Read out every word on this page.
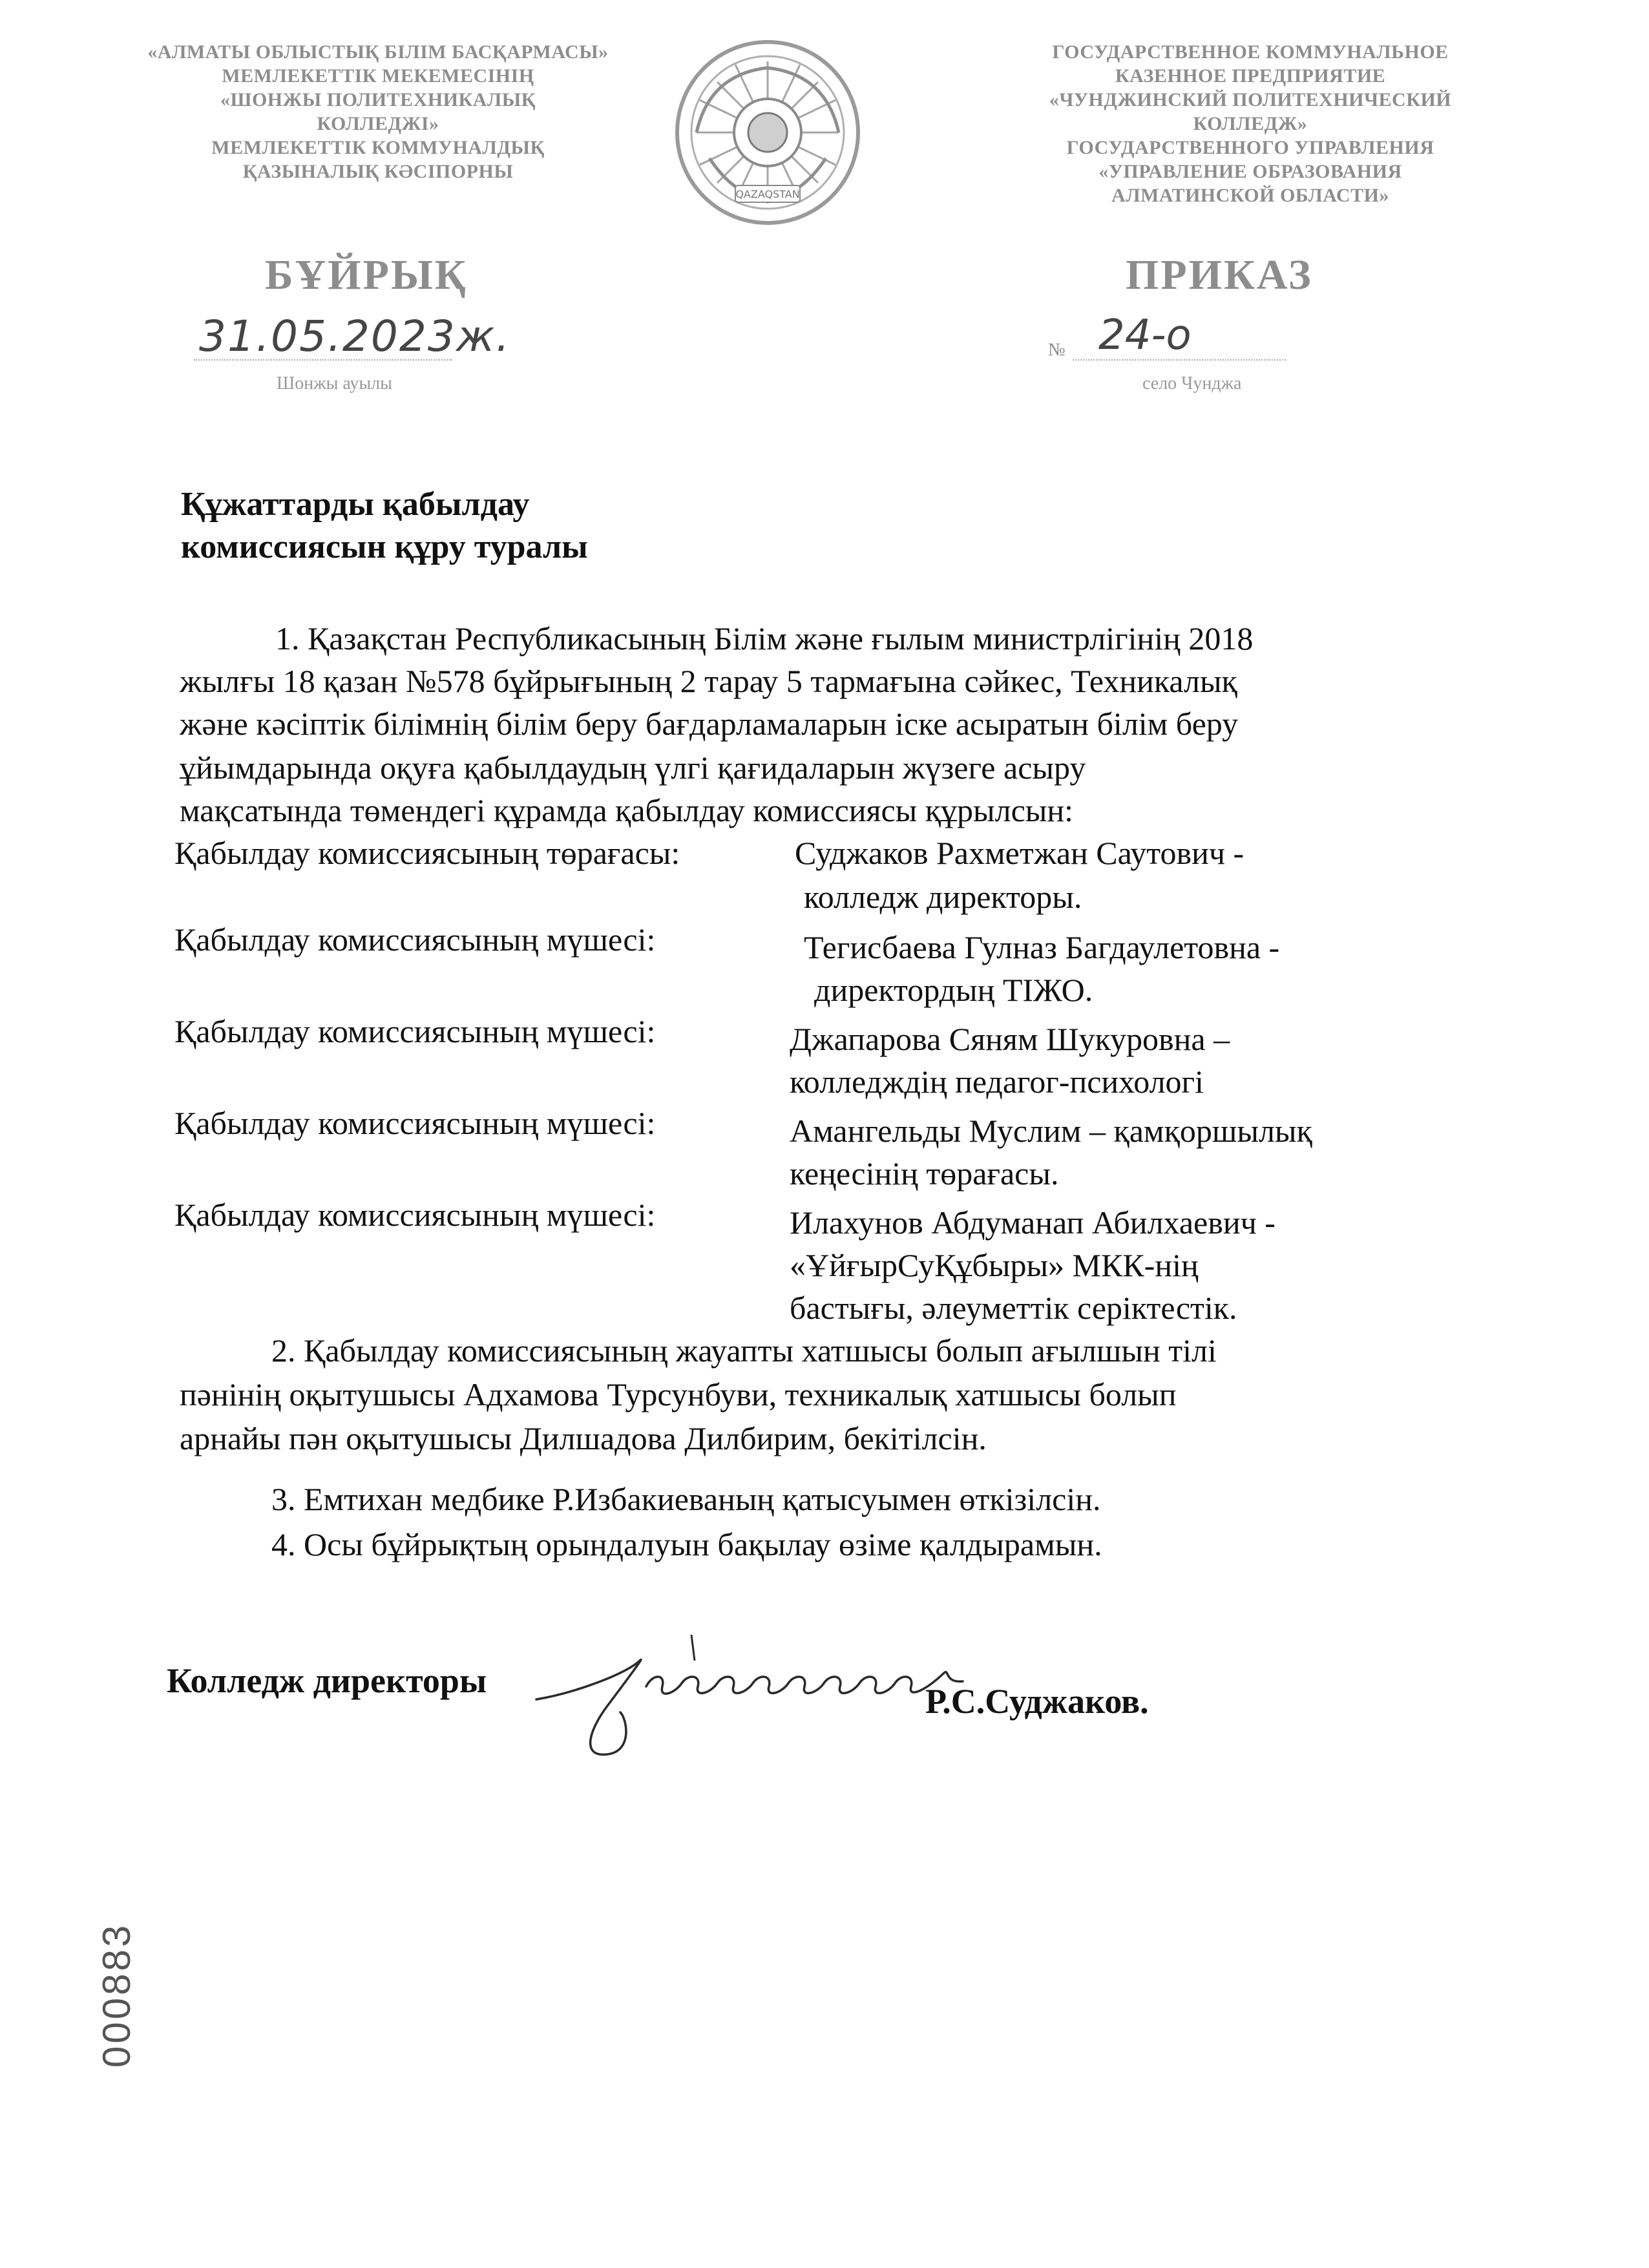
«АЛМАТЫ ОБЛЫСТЫҚ БІЛІМ БАСҚАРМАСЫ»
МЕМЛЕКЕТТІК МЕКЕМЕСІНІҢ
«ШОНЖЫ ПОЛИТЕХНИКАЛЫҚ
КОЛЛЕДЖІ»
МЕМЛЕКЕТТІК КОММУНАЛДЫҚ
ҚАЗЫНАЛЫҚ КӘСІПОРНЫ
QAZAQSTAN
ГОСУДАРСТВЕННОЕ КОММУНАЛЬНОЕ
КАЗЕННОЕ ПРЕДПРИЯТИЕ
«ЧУНДЖИНСКИЙ ПОЛИТЕХНИЧЕСКИЙ
КОЛЛЕДЖ»
ГОСУДАРСТВЕННОГО УПРАВЛЕНИЯ
«УПРАВЛЕНИЕ ОБРАЗОВАНИЯ
АЛМАТИНСКОЙ ОБЛАСТИ»
БҰЙРЫҚ	ПРИКАЗ
31.05.2023ж.	№ 24-o
Шонжы ауылы	село Чунджа
Құжаттарды қабылдау
комиссиясын құру туралы
1. Қазақстан Республикасының Білім және ғылым министрлігінің 2018
жылғы 18 қазан №578 бұйрығының 2 тарау 5 тармағына сәйкес, Техникалық
және кәсіптік білімнің білім беру бағдарламаларын іске асыратын білім беру
ұйымдарында оқуға қабылдаудың үлгі қағидаларын жүзеге асыру
мақсатында төмендегі құрамда қабылдау комиссиясы құрылсын:
Қабылдау комиссиясының төрағасы:	Суджаков Рахметжан Саутович -
колледж директоры.
Қабылдау комиссиясының мүшесі:	Тегисбаева Гулназ Багдаулетовна -
директордың ТІЖО.
Қабылдау комиссиясының мүшесі:	Джапарова Сяням Шукуровна –
колледждің педагог-психологі
Қабылдау комиссиясының мүшесі:	Амангельды Муслим – қамқоршылық
кеңесінің төрағасы.
Қабылдау комиссиясының мүшесі:	Илахунов Абдуманап Абилхаевич -
«ҰйғырСуҚұбыры» МКК-нің
бастығы, әлеуметтік серіктестік.
2. Қабылдау комиссиясының жауапты хатшысы болып ағылшын тілі
пәнінің оқытушысы Адхамова Турсунбуви, техникалық хатшысы болып
арнайы пән оқытушысы Дилшадова Дилбирим, бекітілсін.
3. Емтихан медбике Р.Избакиеваның қатысуымен өткізілсін.
4. Осы бұйрықтың орындалуын бақылау өзіме қалдырамын.
Колледж директоры
Р.С.Суджаков.
000883
